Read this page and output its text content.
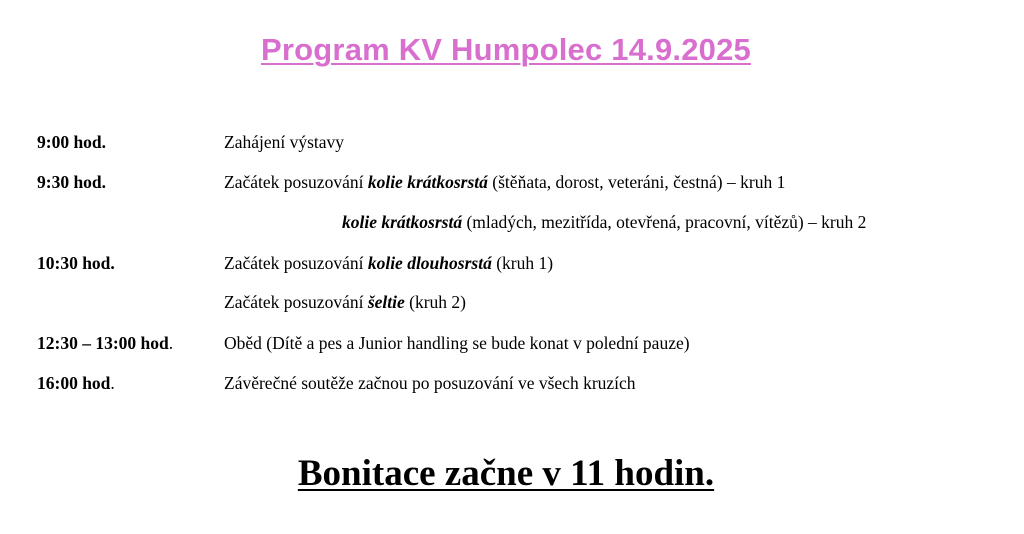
Program KV Humpolec 14.9.2025
9:00 hod.	Zahájení výstavy
9:30 hod.	Začátek posuzování kolie krátkosrstá (štěňata, dorost, veteráni, čestná) – kruh 1
kolie krátkosrstá (mladých, mezitřída, otevřená, pracovní, vítězů) – kruh 2
10:30 hod.	Začátek posuzování kolie dlouhosrstá (kruh 1)
Začátek posuzování šeltie (kruh 2)
12:30 – 13:00 hod.	Oběd (Dítě a pes a Junior handling se bude konat v polední pauze)
16:00 hod.	Závěrečné soutěže začnou po posuzování ve všech kruzích
Bonitace začne v 11 hodin.
